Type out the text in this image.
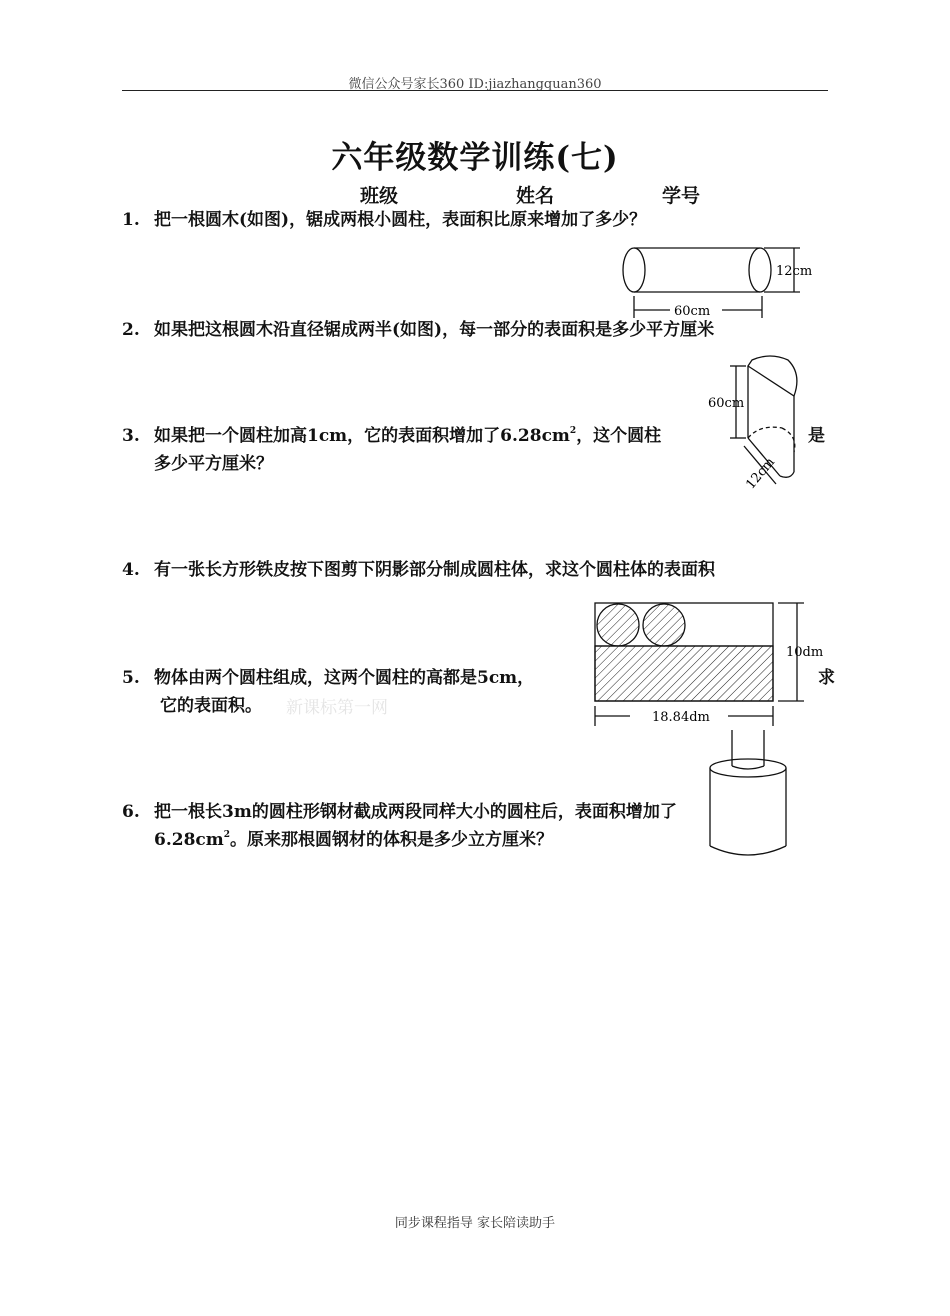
微信公众号家长360 ID:jiazhangquan360
六年级数学训练(七)
班级	姓名	学号
1. 把一根圆木(如图)，锯成两根小圆柱，表面积比原来增加了多少？
2. 如果把这根圆木沿直径锯成两半(如图)，每一部分的表面积是多少平方厘米
3. 如果把一个圆柱加高1cm，它的表面积增加了$6.28cm^2$，这个圆柱
多少平方厘米？
是
4. 有一张长方形铁皮按下图剪下阴影部分制成圆柱体，求这个圆柱体的表面积
5. 物体由两个圆柱组成，这两个圆柱的高都是5cm，
它的表面积。
求
新课标第一网
6. 把一根长3m的圆柱形钢材截成两段同样大小的圆柱后，表面积增加了
$6.28cm^2$。原来那根圆钢材的体积是多少立方厘米？
12cm
60cm
60cm
12cm
10dm
18.84dm
同步课程指导 家长陪读助手
